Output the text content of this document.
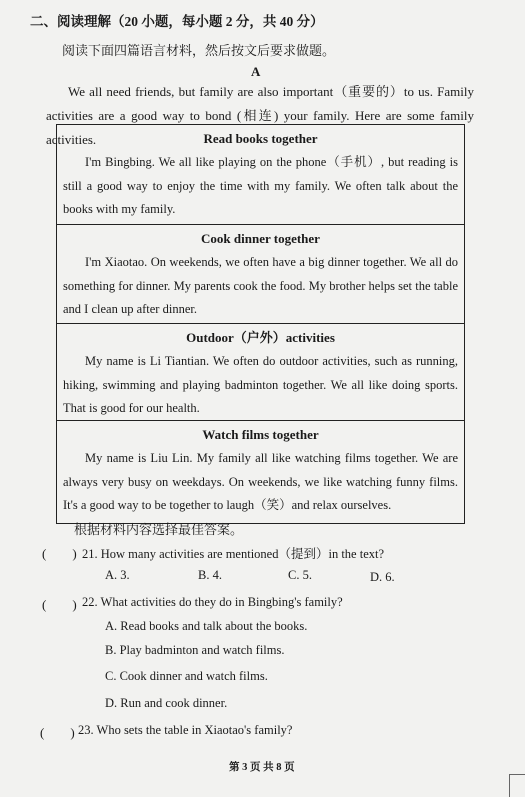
二、阅读理解（20 小题，每小题 2 分，共 40 分）
阅读下面四篇语言材料，然后按文后要求做题。
A
We all need friends, but family are also important（重要的）to us. Family activities are a good way to bond (相连) your family. Here are some family activities.	Read books together
I'm Bingbing. We all like playing on the phone（手机）, but reading is still a good way to enjoy the time with my family. We often talk about the books with my family.
Cook dinner together
I'm Xiaotao. On weekends, we often have a big dinner together. We all do something for dinner. My parents cook the food. My brother helps set the table and I clean up after dinner.
Outdoor（户外）activities
My name is Li Tiantian. We often do outdoor activities, such as running, hiking, swimming and playing badminton together. We all like doing sports. That is good for our health.
Watch films together
My name is Liu Lin. My family all like watching films together. We are always very busy on weekdays. On weekends, we like watching funny films. It's a good way to be together to laugh（笑）and relax ourselves.
根据材料内容选择最佳答案。
(　　) 21. How many activities are mentioned（提到）in the text?
A. 3.	B. 4.	C. 5.	D. 6.
(　　) 22. What activities do they do in Bingbing's family?
A. Read books and talk about the books.
B. Play badminton and watch films.
C. Cook dinner and watch films.
D. Run and cook dinner.
(　　) 23. Who sets the table in Xiaotao's family?
第 3 页 共 8 页
